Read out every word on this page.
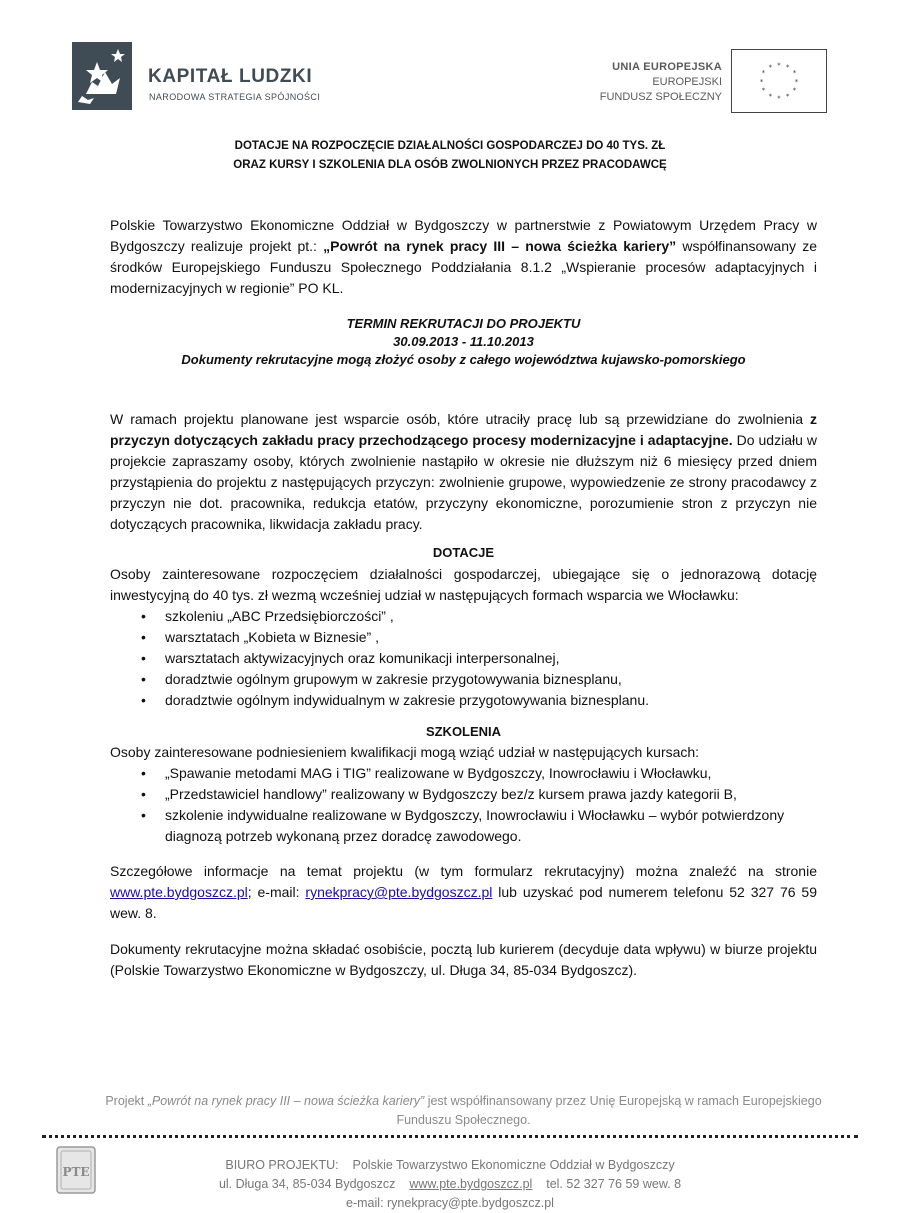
KAPITAŁ LUDZKI
NARODOWA STRATEGIA SPÓJNOŚCI
UNIA EUROPEJSKA
EUROPEJSKI
FUNDUSZ SPOŁECZNY
* *
*
*
*
*
*
*
*
*
*
*
DOTACJE NA ROZPOCZĘCIE DZIAŁALNOŚCI GOSPODARCZEJ DO 40 TYS. ZŁ
ORAZ KURSY I SZKOLENIA DLA OSÓB ZWOLNIONYCH PRZEZ PRACODAWCĘ

Polskie Towarzystwo Ekonomiczne Oddział w Bydgoszczy w partnerstwie z Powiatowym Urzędem Pracy w Bydgoszczy realizuje projekt pt.: „Powrót na rynek pracy III – nowa ścieżka kariery” współfinansowany ze środków Europejskiego Funduszu Społecznego Poddziałania 8.1.2 „Wspieranie procesów adaptacyjnych i modernizacyjnych w regionie” PO KL.

TERMIN REKRUTACJI DO PROJEKTU
30.09.2013 - 11.10.2013
Dokumenty rekrutacyjne mogą złożyć osoby z całego województwa kujawsko-pomorskiego

W ramach projektu planowane jest wsparcie osób, które utraciły pracę lub są przewidziane do zwolnienia z przyczyn dotyczących zakładu pracy przechodzącego procesy modernizacyjne i adaptacyjne. Do udziału w projekcie zapraszamy osoby, których zwolnienie nastąpiło w okresie nie dłuższym niż 6 miesięcy przed dniem przystąpienia do projektu z następujących przyczyn: zwolnienie grupowe, wypowiedzenie ze strony pracodawcy z przyczyn nie dot. pracownika, redukcja etatów, przyczyny ekonomiczne, porozumienie stron z przyczyn nie dotyczących pracownika, likwidacja zakładu pracy.

DOTACJE

Osoby zainteresowane rozpoczęciem działalności gospodarczej, ubiegające się o jednorazową dotację inwestycyjną do 40 tys. zł wezmą wcześniej udział w następujących formach wsparcia we Włocławku:

• szkoleniu „ABC Przedsiębiorczości” ,
• warsztatach „Kobieta w Biznesie” ,
• warsztatach aktywizacyjnych oraz komunikacji interpersonalnej,
• doradztwie ogólnym grupowym w zakresie przygotowywania biznesplanu,
• doradztwie ogólnym indywidualnym w zakresie przygotowywania biznesplanu.
SZKOLENIA

Osoby zainteresowane podniesieniem kwalifikacji mogą wziąć udział w następujących kursach:

• „Spawanie metodami MAG i TIG” realizowane w Bydgoszczy, Inowrocławiu i Włocławku,
• „Przedstawiciel handlowy” realizowany w Bydgoszczy bez/z kursem prawa jazdy kategorii B,
• szkolenie indywidualne realizowane w Bydgoszczy, Inowrocławiu i Włocławku – wybór potwierdzony diagnozą potrzeb wykonaną przez doradcę zawodowego.

Szczegółowe informacje na temat projektu (w tym formularz rekrutacyjny) można znaleźć na stronie www.pte.bydgoszcz.pl; e-mail: rynekpracy@pte.bydgoszcz.pl lub uzyskać pod numerem telefonu 52 327 76 59 wew. 8.

Dokumenty rekrutacyjne można składać osobiście, pocztą lub kurierem (decyduje data wpływu) w biurze projektu (Polskie Towarzystwo Ekonomiczne w Bydgoszczy, ul. Długa 34, 85-034 Bydgoszcz).

Projekt „Powrót na rynek pracy III – nowa ścieżka kariery” jest współfinansowany przez Unię Europejską w ramach Europejskiego Funduszu Społecznego.
PTE	BIURO PROJEKTU: Polskie Towarzystwo Ekonomiczne Oddział w Bydgoszczy
ul. Długa 34, 85-034 Bydgoszcz www.pte.bydgoszcz.pl tel. 52 327 76 59 wew. 8
e-mail: rynekpracy@pte.bydgoszcz.pl
